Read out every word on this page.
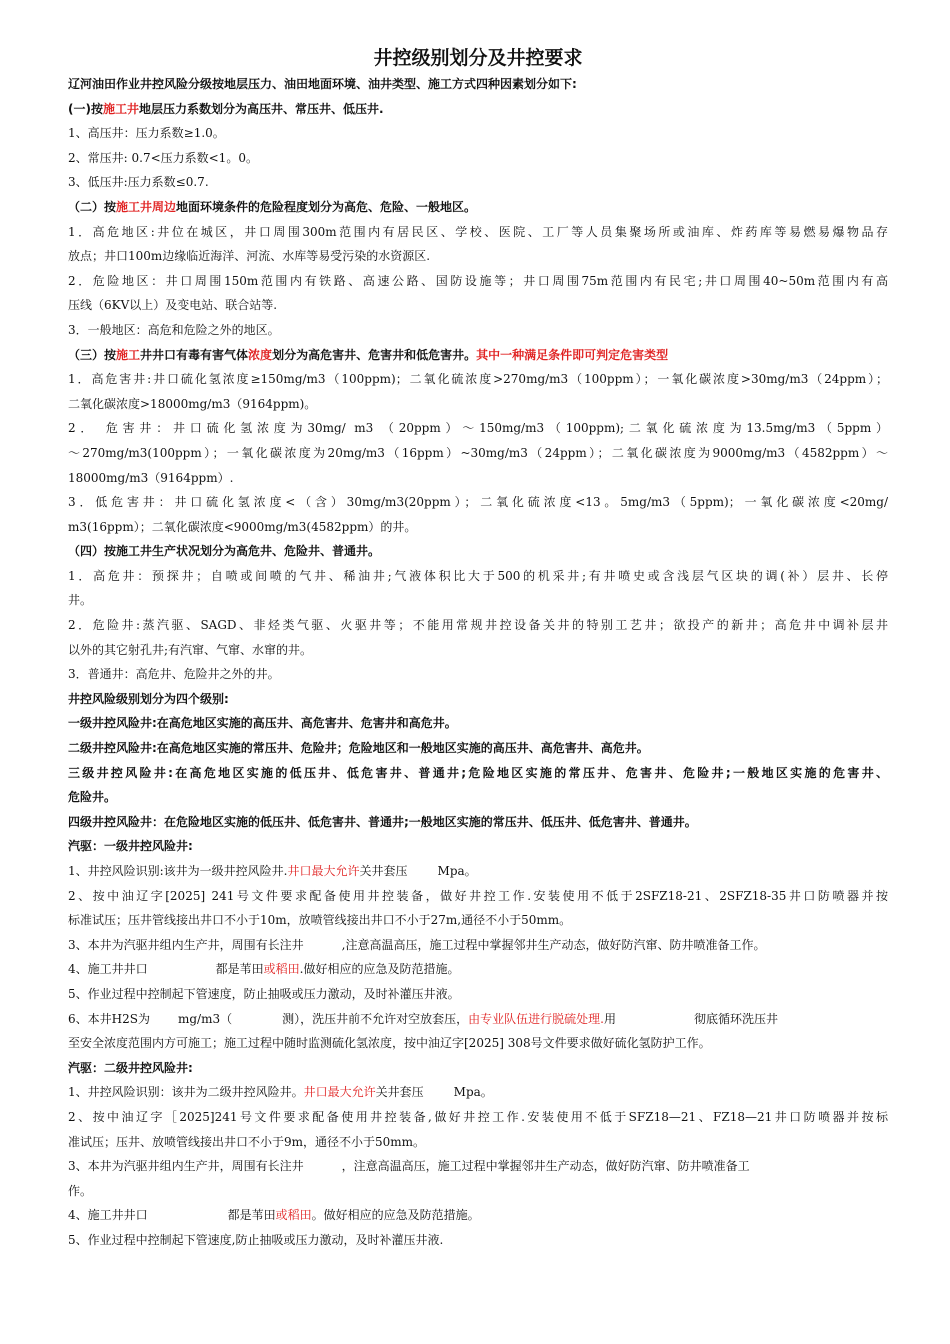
井控级别划分及井控要求

辽河油田作业井控风险分级按地层压力、油田地面环境、油井类型、施工方式四种因素划分如下:

(一)按施工井地层压力系数划分为高压井、常压井、低压井.

1、高压井：压力系数≥1.0。

2、常压井: 0.7<压力系数<1。0。

3、低压井:压力系数≤0.7.

（二）按施工井周边地面环境条件的危险程度划分为高危、危险、一般地区。

1．高危地区:井位在城区，井口周围300m范围内有居民区、学校、医院、工厂等人员集聚场所或油库、炸药库等易燃易爆物品存

放点；井口100m边缘临近海洋、河流、水库等易受污染的水资源区.

2．危险地区：井口周围150m范围内有铁路、高速公路、国防设施等；井口周围75m范围内有民宅;井口周围40~50m范围内有高

压线（6KV以上）及变电站、联合站等.

3．一般地区：高危和危险之外的地区。

（三）按施工井井口有毒有害气体浓度划分为高危害井、危害井和低危害井。其中一种满足条件即可判定危害类型

1．高危害井:井口硫化氢浓度≥150mg/m3（100ppm)；二氧化硫浓度>270mg/m3（100ppm）；一氧化碳浓度>30mg/m3（24ppm）；

二氧化碳浓度>18000mg/m3（9164ppm)。

2． 危害井：井口硫化氢浓度为30mg/ m3 （20ppm）～150mg/m3（100ppm);二氧化硫浓度为13.5mg/m3（5ppm）

～270mg/m3(100ppm）；一氧化碳浓度为20mg/m3（16ppm）~30mg/m3（24ppm）；二氧化碳浓度为9000mg/m3（4582ppm）～

18000mg/m3（9164ppm）.

3．低危害井：井口硫化氢浓度<（含）30mg/m3(20ppm）；二氧化硫浓度<13。5mg/m3（5ppm)；一氧化碳浓度<20mg/

m3(16ppm）；二氧化碳浓度<9000mg/m3(4582ppm）的井。

（四）按施工井生产状况划分为高危井、危险井、普通井。

1．高危井：预探井；自喷或间喷的气井、稀油井;气液体积比大于500的机采井;有井喷史或含浅层气区块的调(补）层井、长停

井。

2．危险井:蒸汽驱、SAGD、非烃类气驱、火驱井等；不能用常规井控设备关井的特别工艺井；欲投产的新井；高危井中调补层井

以外的其它射孔井;有汽窜、气窜、水窜的井。

3．普通井：高危井、危险井之外的井。

井控风险级别划分为四个级别:

一级井控风险井:在高危地区实施的高压井、高危害井、危害井和高危井。

二级井控风险井:在高危地区实施的常压井、危险井；危险地区和一般地区实施的高压井、高危害井、高危井。

三级井控风险井:在高危地区实施的低压井、低危害井、普通井;危险地区实施的常压井、危害井、危险井;一般地区实施的危害井、

危险井。

四级井控风险井：在危险地区实施的低压井、低危害井、普通井;一般地区实施的常压井、低压井、低危害井、普通井。

汽驱：一级井控风险井:

1、井控风险识别:该井为一级井控风险井.井口最大允许关井套压	Mpa。

2、按中油辽字[2025] 241号文件要求配备使用井控装备，做好井控工作.安装使用不低于2SFZ18-21、2SFZ18-35井口防喷器并按

标准试压；压井管线接出井口不小于10m，放喷管线接出井口不小于27m,通径不小于50mm。

3、本井为汽驱井组内生产井，周围有长注井	,注意高温高压，施工过程中掌握邻井生产动态，做好防汽窜、防井喷准备工作。

4、施工井井口	都是苇田或稻田.做好相应的应急及防范措施。

5、作业过程中控制起下管速度，防止抽吸或压力激动，及时补灌压井液。

6、本井H2S为 mg/m3（	测），洗压井前不允许对空放套压，由专业队伍进行脱硫处理.用	彻底循环洗压井

至安全浓度范围内方可施工；施工过程中随时监测硫化氢浓度，按中油辽字[2025] 308号文件要求做好硫化氢防护工作。

汽驱：二级井控风险井:

1、井控风险识别：该井为二级井控风险井。井口最大允许关井套压	Mpa。

2、按中油辽字［2025]241号文件要求配备使用井控装备,做好井控工作.安装使用不低于SFZ18—21、FZ18—21井口防喷器并按标

准试压；压井、放喷管线接出井口不小于9m，通径不小于50mm。

3、本井为汽驱井组内生产井，周围有长注井	，注意高温高压，施工过程中掌握邻井生产动态，做好防汽窜、防井喷准备工

作。

4、施工井井口	都是苇田或稻田。做好相应的应急及防范措施。

5、作业过程中控制起下管速度,防止抽吸或压力激动，及时补灌压井液.
